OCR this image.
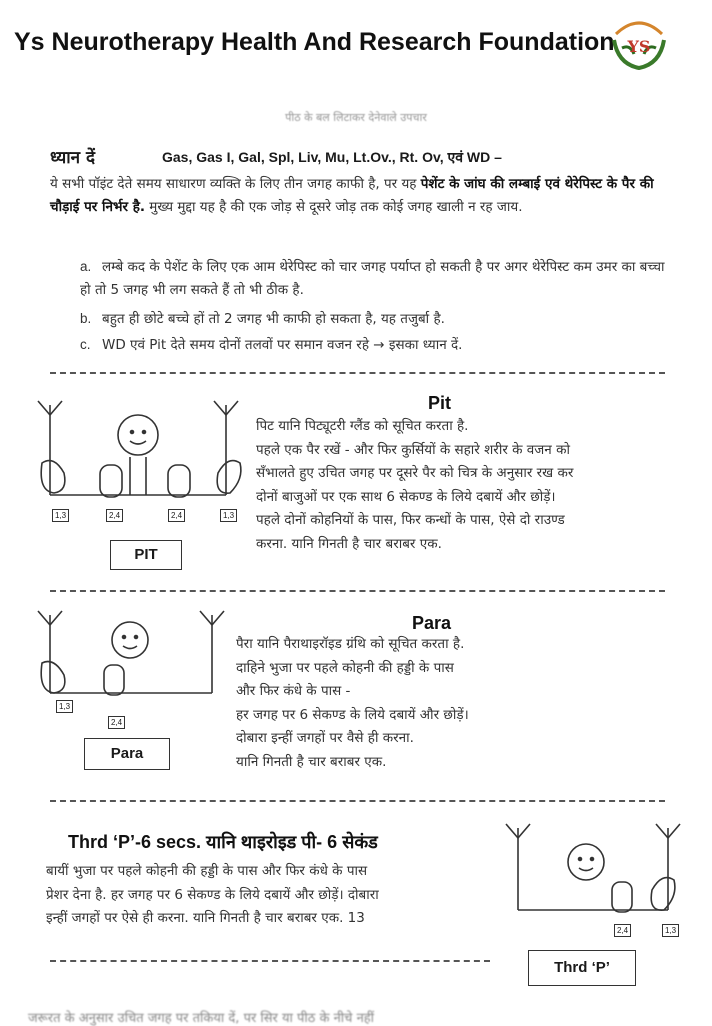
Ys Neurotherapy Health And Research Foundation YS
पीठ के बल लिटाकर देनेवाले उपचार
ध्यान दें	Gas, Gas I, Gal, Spl, Liv, Mu, Lt.Ov., Rt. Ov, एवं WD –
ये सभी पॉइंट देते समय साधारण व्यक्ति के लिए तीन जगह काफी है, पर यह पेशेंट के जांघ की लम्बाई एवं थेरेपिस्ट के पैर की चौड़ाई पर निर्भर है. मुख्य मुद्दा यह है की एक जोड़ से दूसरे जोड़ तक कोई जगह खाली न रह जाय.
a. लम्बे कद के पेशेंट के लिए एक आम थेरेपिस्ट को चार जगह पर्याप्त हो सकती है पर अगर थेरेपिस्ट कम उमर का बच्चा हो तो 5 जगह भी लग सकते हैं तो भी ठीक है.
b. बहुत ही छोटे बच्चे हों तो 2 जगह भी काफी हो सकता है, यह तजुर्बा है.
c. WD एवं Pit देते समय दोनों तलवों पर समान वजन रहे → इसका ध्यान दें.
1,3	2,4	2,4	1,3
PIT
Pit
पिट यानि पिट्यूटरी ग्लैंड को सूचित करता है.
पहले एक पैर रखें - और फिर कुर्सियों के सहारे शरीर के वजन को
सँभालते हुए उचित जगह पर दूसरे पैर को चित्र के अनुसार रख कर
दोनों बाजुओं पर एक साथ 6 सेकण्ड के लिये दबायें और छोड़ें।
पहले दोनों कोहनियों के पास, फिर कन्धों के पास, ऐसे दो राउण्ड
करना. यानि गिनती है चार बराबर एक.
1,3
2,4
Para
Para
पैरा यानि पैराथाइरॉइड ग्रंथि को सूचित करता है.
दाहिने भुजा पर पहले कोहनी की हड्डी के पास
और फिर कंधे के पास -
हर जगह पर 6 सेकण्ड के लिये दबायें और छोड़ें।
दोबारा इन्हीं जगहों पर वैसे ही करना.
यानि गिनती है चार बराबर एक.
Thrd ‘P’-6 secs. यानि थाइरोइड पी- 6 सेकंड
बायीं भुजा पर पहले कोहनी की हड्डी के पास और फिर कंधे के पास
प्रेशर देना है. हर जगह पर 6 सेकण्ड के लिये दबायें और छोड़ें। दोबारा
इन्हीं जगहों पर ऐसे ही करना. यानि गिनती है चार बराबर एक. 13
2,4	1,3
Thrd ‘P’
जरूरत के अनुसार उचित जगह पर तकिया दें, पर सिर या पीठ के नीचे नहीं
